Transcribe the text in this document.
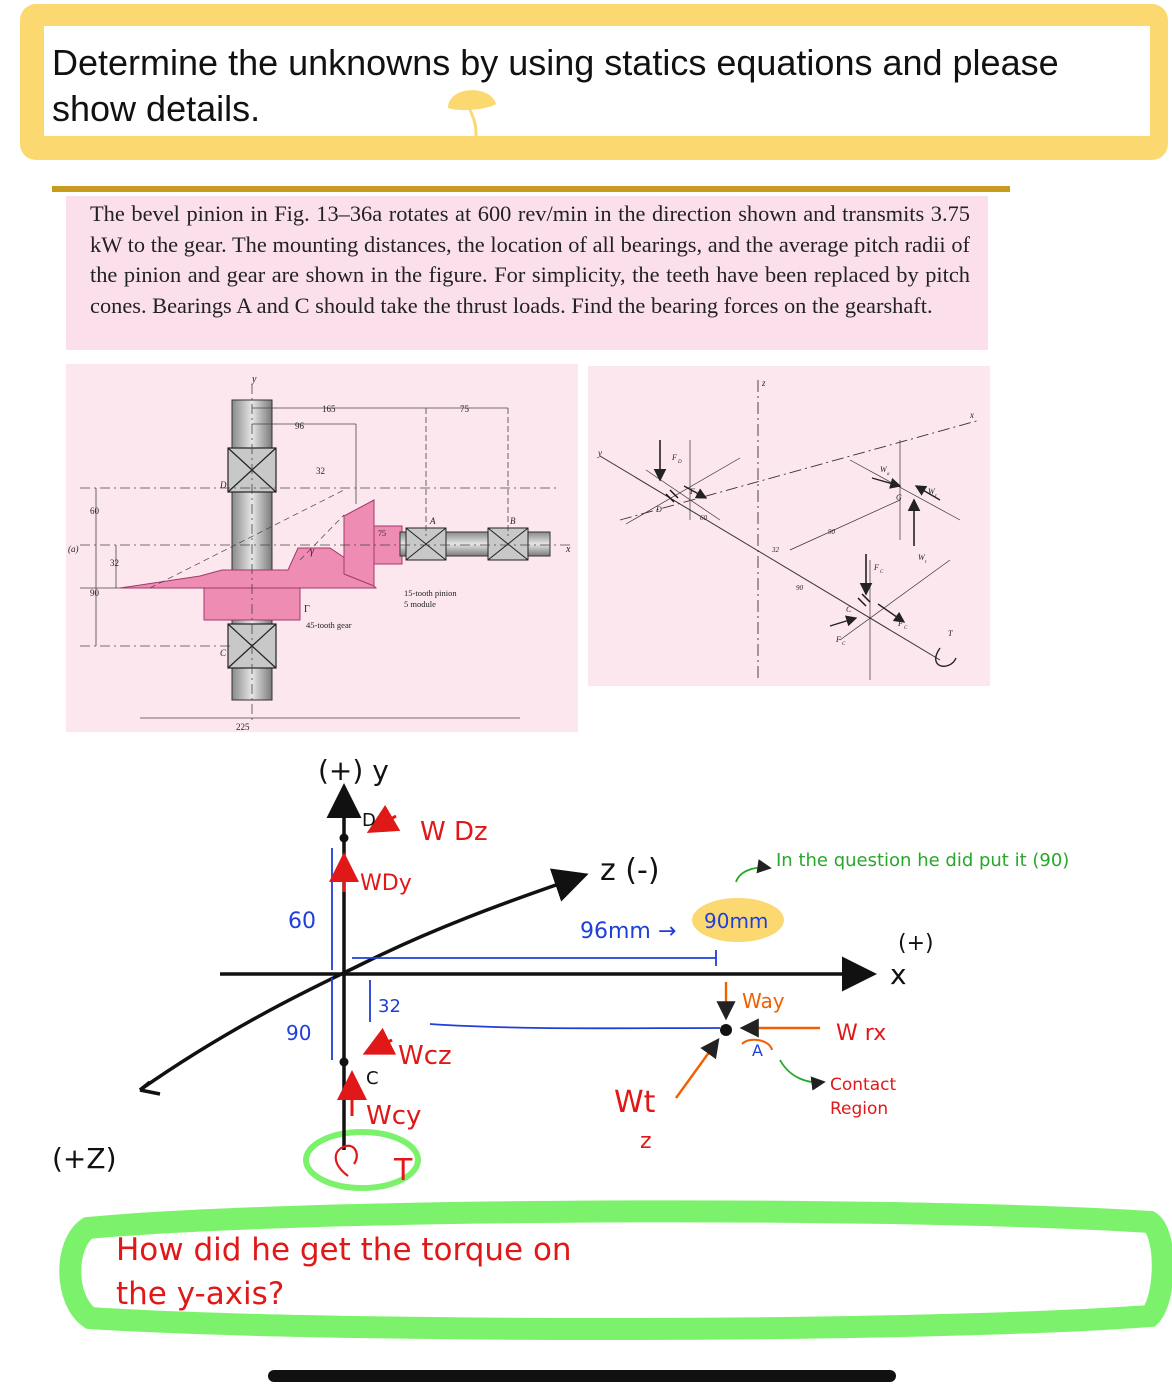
Determine the unknowns by using statics equations and please show details.
The bevel pinion in Fig. 13–36a rotates at 600 rev/min in the direction shown and transmits 3.75 kW to the gear. The mounting distances, the location of all bearings, and the average pitch radii of the pinion and gear are shown in the figure. For simplicity, the teeth have been replaced by pitch cones. Bearings A and C should take the thrust loads. Find the bearing forces on the gearshaft.
y
x
165
96
75
32
60
32
90
225
75
(a)	γ
Γ
D
C
A	B
15-tooth pinion
5 module
45-tooth gear
z
y
x
D
C
G
T
F
D
F
D
F
C
F
C
F
C
W
a
W
r
W
t
60
32
90
90
(+) y
z (-)
(+Z)
(+)
x
D W Dz
WDy
60
90
32
C
Wcz
Wcy
96mm → 90mm
In the question he did put it (90)
Way
W rx
A
Wt
z
Contact
Region
T
How did he get the torque on
the y-axis?
